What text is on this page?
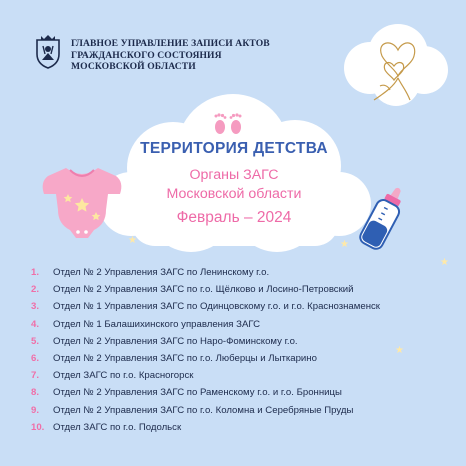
ГЛАВНОЕ УПРАВЛЕНИЕ ЗАПИСИ АКТОВ
ГРАЖДАНСКОГО СОСТОЯНИЯ
МОСКОВСКОЙ ОБЛАСТИ
ТЕРРИТОРИЯ ДЕТСТВА
Органы ЗАГС
Московской области
Февраль – 2024
★	★
★
★
1.	Отдел № 2 Управления ЗАГС по Ленинскому г.о.
2.	Отдел № 2 Управления ЗАГС по г.о. Щёлково и Лосино-Петровский
3.	Отдел № 1 Управления ЗАГС по Одинцовскому г.о. и г.о. Краснознаменск
4.	Отдел № 1 Балашихинского управления ЗАГС
5.	Отдел № 2 Управления ЗАГС по Наро-Фоминскому г.о.
6.	Отдел № 2 Управления ЗАГС по г.о. Люберцы и Лыткарино
7.	Отдел ЗАГС по г.о. Красногорск
8.	Отдел № 2 Управления ЗАГС по Раменскому г.о. и г.о. Бронницы
9.	Отдел № 2 Управления ЗАГС по г.о. Коломна и Серебряные Пруды
10. Отдел ЗАГС по г.о. Подольск
